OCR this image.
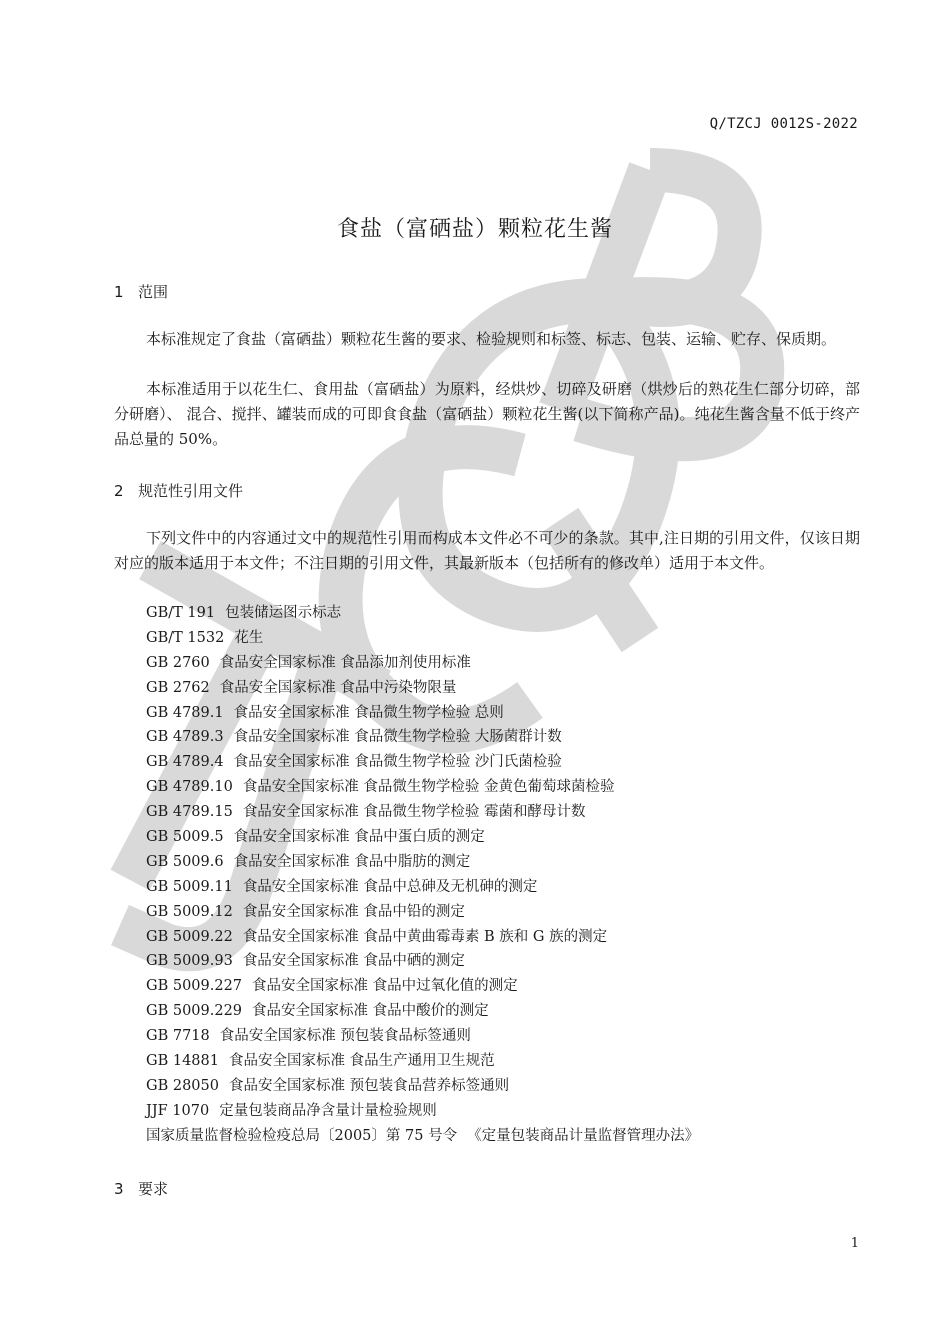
Q/TZCJ 0012S-2022
食盐（富硒盐）颗粒花生酱
1 范围

本标准规定了食盐（富硒盐）颗粒花生酱的要求、检验规则和标签、标志、包装、运输、贮存、保质期。

本标准适用于以花生仁、食用盐（富硒盐）为原料，经烘炒、切碎及研磨（烘炒后的熟花生仁部分切碎，部分研磨）、 混合、搅拌、罐装而成的可即食食盐（富硒盐）颗粒花生酱(以下简称产品)。纯花生酱含量不低于终产品总量的 50%。

2 规范性引用文件

下列文件中的内容通过文中的规范性引用而构成本文件必不可少的条款。其中,注日期的引用文件，仅该日期对应的版本适用于本文件；不注日期的引用文件，其最新版本（包括所有的修改单）适用于本文件。

GB/T 191 包装储运图示标志
GB/T 1532 花生
GB 2760 食品安全国家标准 食品添加剂使用标准
GB 2762 食品安全国家标准 食品中污染物限量
GB 4789.1 食品安全国家标准 食品微生物学检验 总则
GB 4789.3 食品安全国家标准 食品微生物学检验 大肠菌群计数
GB 4789.4 食品安全国家标准 食品微生物学检验 沙门氏菌检验
GB 4789.10 食品安全国家标准 食品微生物学检验 金黄色葡萄球菌检验
GB 4789.15 食品安全国家标准 食品微生物学检验 霉菌和酵母计数
GB 5009.5 食品安全国家标准 食品中蛋白质的测定
GB 5009.6 食品安全国家标准 食品中脂肪的测定
GB 5009.11 食品安全国家标准 食品中总砷及无机砷的测定
GB 5009.12 食品安全国家标准 食品中铅的测定
GB 5009.22 食品安全国家标准 食品中黄曲霉毒素 B 族和 G 族的测定
GB 5009.93 食品安全国家标准 食品中硒的测定
GB 5009.227 食品安全国家标准 食品中过氧化值的测定
GB 5009.229 食品安全国家标准 食品中酸价的测定
GB 7718 食品安全国家标准 预包装食品标签通则
GB 14881 食品安全国家标准 食品生产通用卫生规范
GB 28050 食品安全国家标准 预包装食品营养标签通则
JJF 1070 定量包装商品净含量计量检验规则
国家质量监督检验检疫总局〔2005〕第 75 号令 《定量包装商品计量监督管理办法》
3 要求
1
